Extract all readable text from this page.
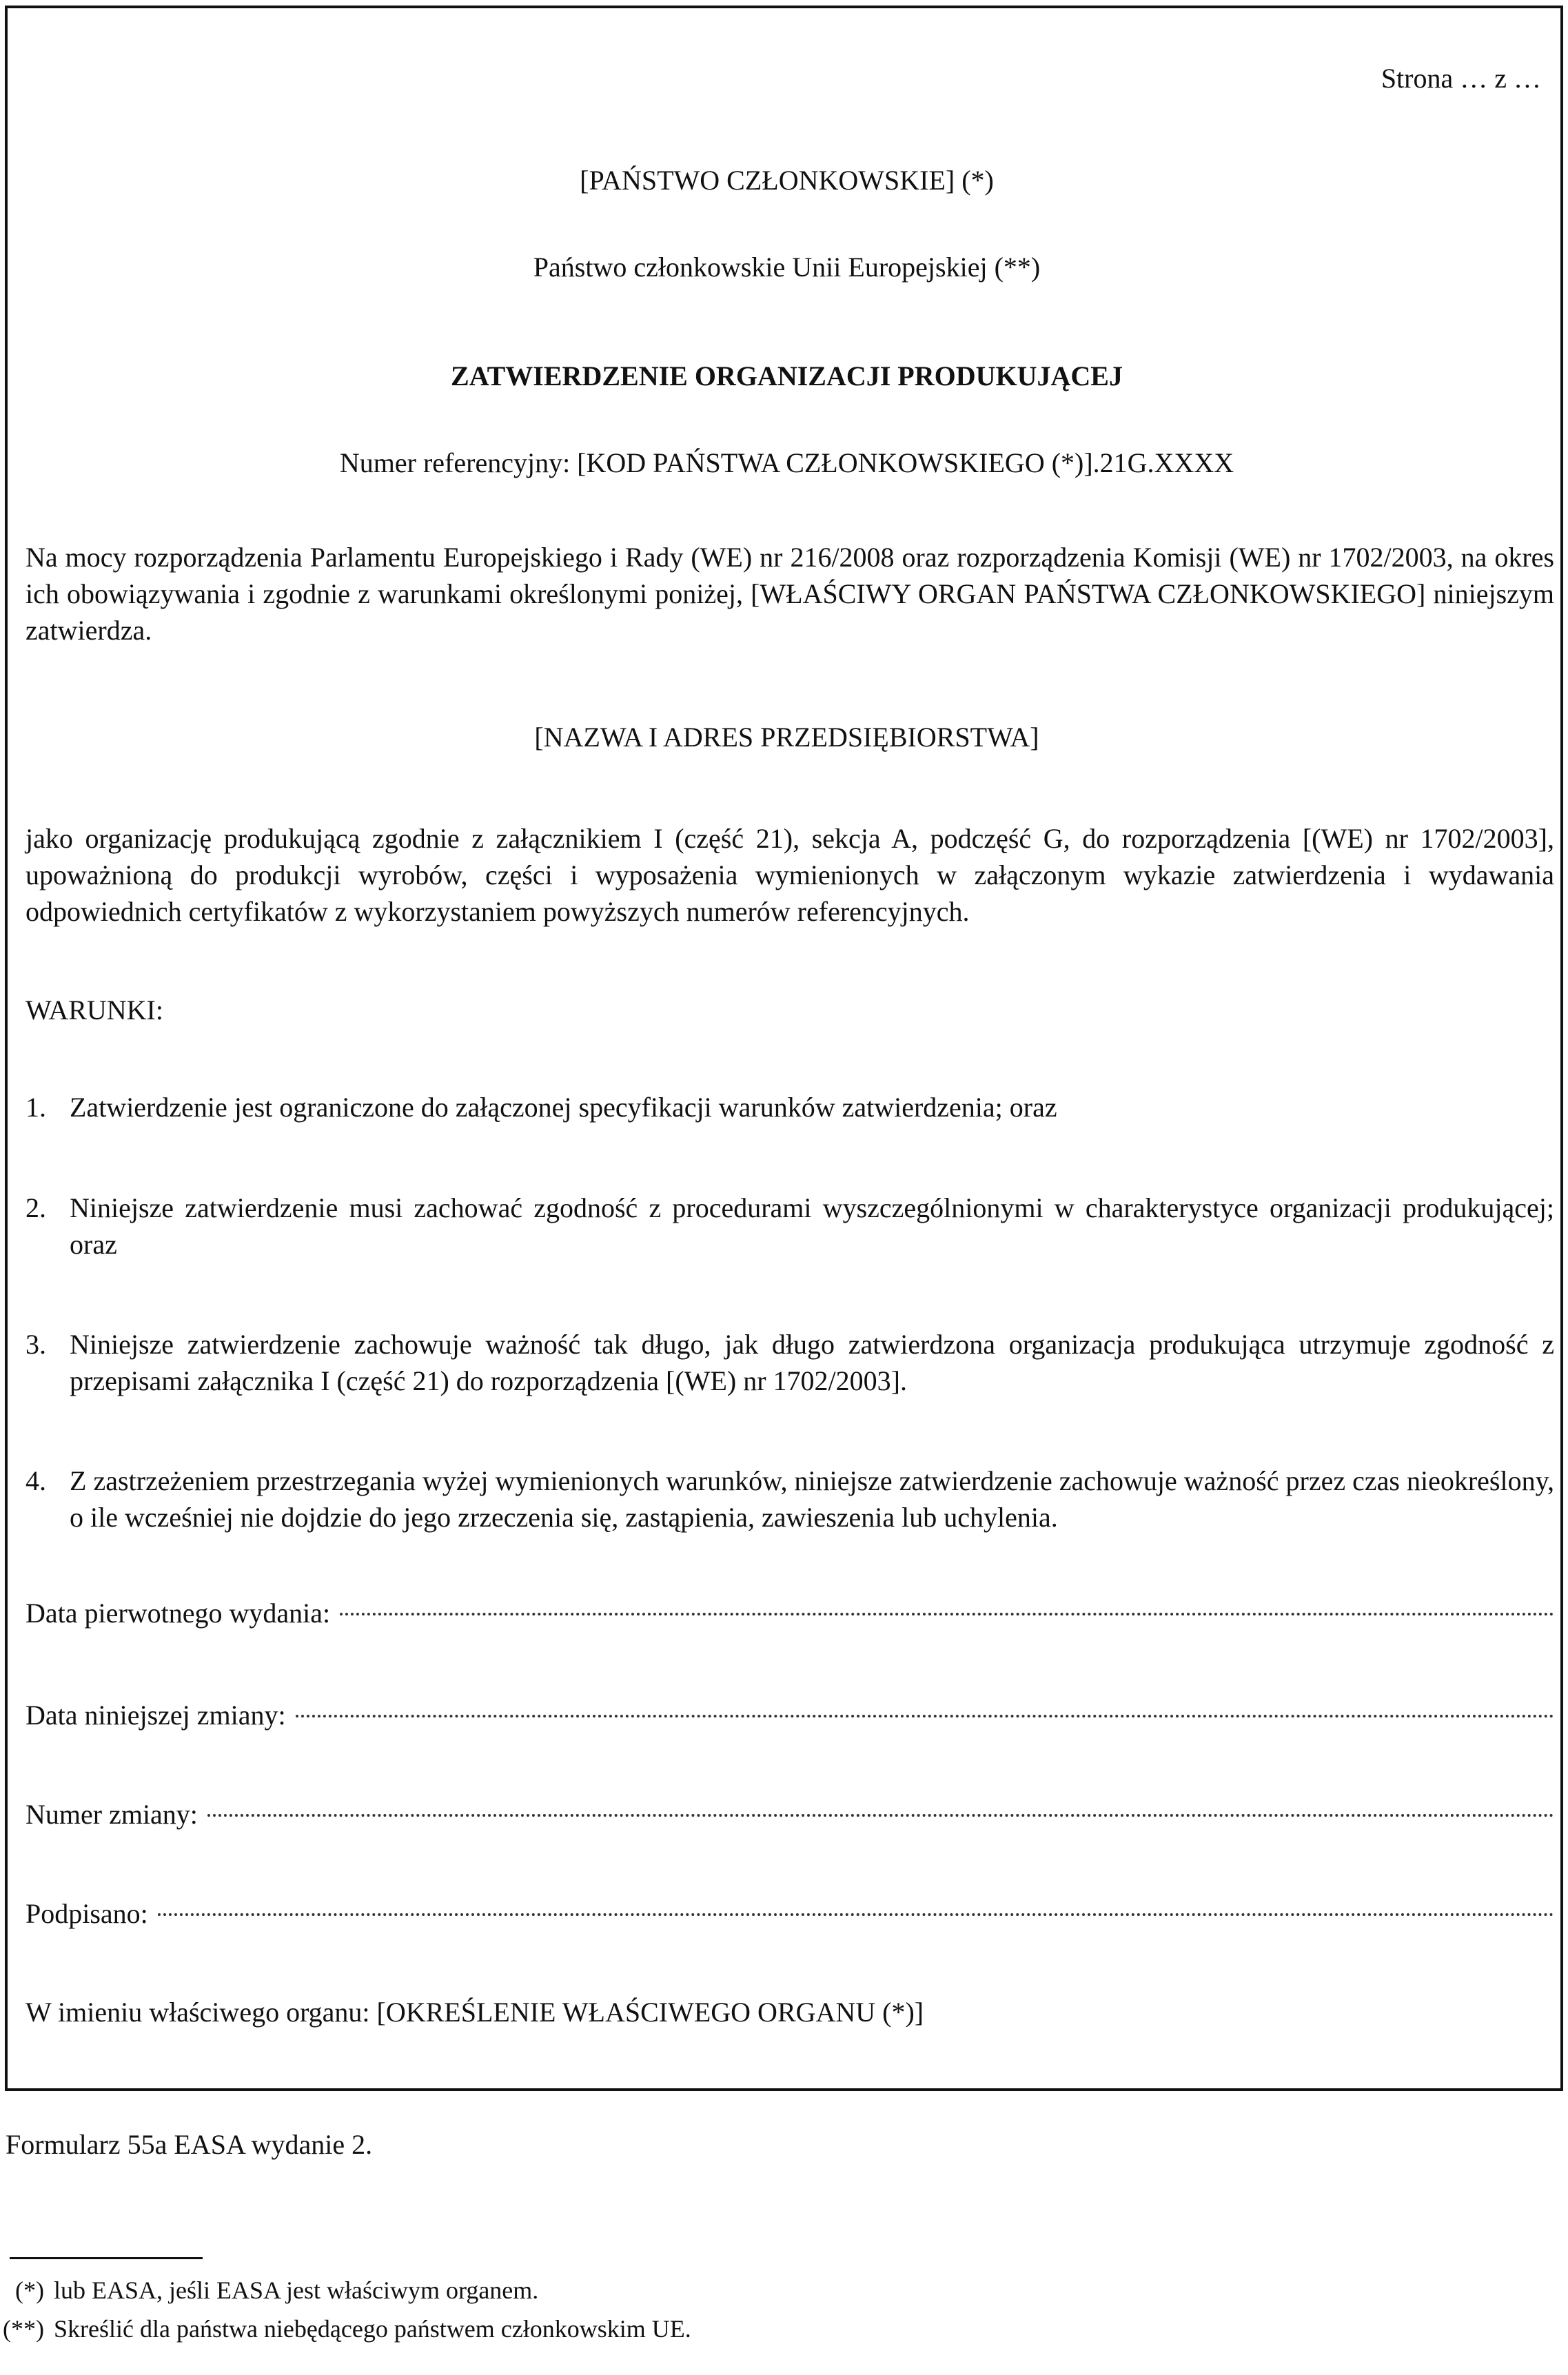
Strona … z …
[PAŃSTWO CZŁONKOWSKIE] (*)
Państwo członkowskie Unii Europejskiej (**)
ZATWIERDZENIE ORGANIZACJI PRODUKUJĄCEJ
Numer referencyjny: [KOD PAŃSTWA CZŁONKOWSKIEGO (*)].21G.XXXX
Na mocy rozporządzenia Parlamentu Europejskiego i Rady (WE) nr 216/2008 oraz rozporządzenia Komisji (WE) nr 1702/2003, na okres ich obowiązywania i zgodnie z warunkami określonymi poniżej, [WŁAŚCIWY ORGAN PAŃSTWA CZŁONKOWSKIEGO] niniejszym zatwierdza.
[NAZWA I ADRES PRZEDSIĘBIORSTWA]
jako organizację produkującą zgodnie z załącznikiem I (część 21), sekcja A, podczęść G, do rozporządzenia [(WE) nr 1702/2003], upoważnioną do produkcji wyrobów, części i wyposażenia wymienionych w załączonym wykazie zatwierdzenia i wydawania odpowiednich certyfikatów z wykorzystaniem powyższych numerów referencyjnych.
WARUNKI:
1. Zatwierdzenie jest ograniczone do załączonej specyfikacji warunków zatwierdzenia; oraz
2. Niniejsze zatwierdzenie musi zachować zgodność z procedurami wyszczególnionymi w charakterystyce organizacji produkującej; oraz
3. Niniejsze zatwierdzenie zachowuje ważność tak długo, jak długo zatwierdzona organizacja produkująca utrzymuje zgodność z przepisami załącznika I (część 21) do rozporządzenia [(WE) nr 1702/2003].
4. Z zastrzeżeniem przestrzegania wyżej wymienionych warunków, niniejsze zatwierdzenie zachowuje ważność przez czas nieokreślony, o ile wcześniej nie dojdzie do jego zrzeczenia się, zastąpienia, zawieszenia lub uchylenia.
Data pierwotnego wydania:
Data niniejszej zmiany:
Numer zmiany:
Podpisano:
W imieniu właściwego organu: [OKREŚLENIE WŁAŚCIWEGO ORGANU (*)]
Formularz 55a EASA wydanie 2.
(*) lub EASA, jeśli EASA jest właściwym organem.
(**) Skreślić dla państwa niebędącego państwem członkowskim UE.
